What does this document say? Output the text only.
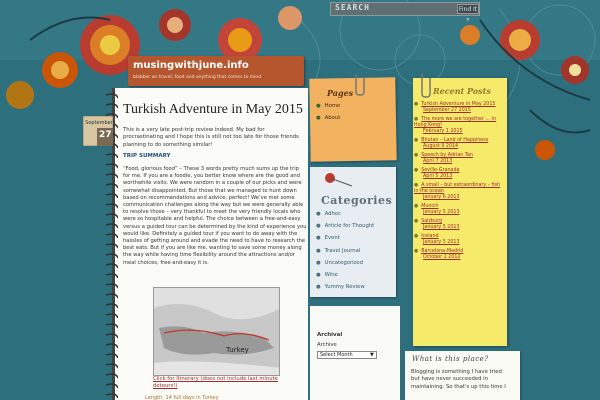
SEARCH	Find It »
musingwithjune.info
blabber on travel, food and anything that comes to mind
Turkish Adventure in May 2015
September
27 This is a very late post-trip review indeed. My bad for procrastinating and I hope this is still not too late for those friends planning to do something similar!
TRIP SUMMARY
“Food, glorious food” – These 3 words pretty much sums up the trip for me. If you are a foodie, you better know where are the good and worthwhile visits. We were random in a couple of our picks and were somewhat disappointed. But those that we managed to hunt down based on recommendations and advice, perfect! We’ve met some communication challenges along the way but we were generally able to resolve those – very thankful to meet the very friendly locals who were so hospitable and helpful. The choice between a free-and-easy versus a guided tour can be determined by the kind of experience you would like. Definitely a guided tour if you want to do away with the hassles of getting around and evade the need to have to research the best eats. But if you are like me, wanting to save some money along the way while having time flexibility around the attractions and/or meal choices, free-and-easy it is.
Turkey
Click for Itinerary (does not include last minute detours!)
Length: 14 full days in Turkey
Pages
● Home
● About
Categories
● Adhoc
● Article for Thought
● Event
● Travel Journal
● Uncategorized
● Wine
● Yummy Review
Archival
Archive
Select Month	▼
Recent Posts
● Turkish Adventure in May 2015
September 27 2015
● The more we are together … in Hong Kong!
February 1 2015
● Bhutan – Land of Happiness
August 9 2014
● Speech by Adrian Tan
April 7 2013
● Seville-Granada
April 5 2013
● A small – but extraordinary – fish in the ocean
January 6 2013
● Munich
January 5 2013
● Salzburg
January 5 2013
● Iceland
January 5 2013
● Barcelona-Madrid
October 2 2012
What is this place?
Blogging is something I have tried but have never succeeded in maintaining. So that's up this time I
